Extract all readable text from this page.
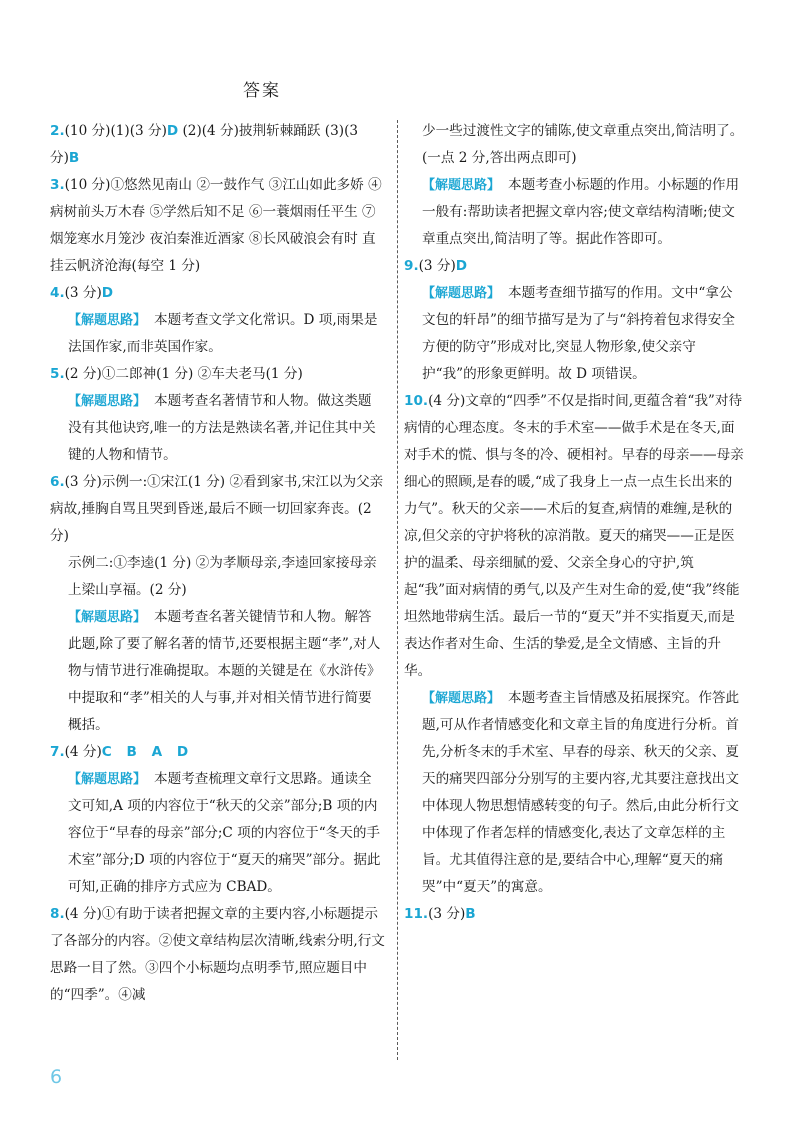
答案

2.(10 分)(1)(3 分)D (2)(4 分)披荆斩棘踊跃 (3)(3 分)B

3.(10 分)①悠然见南山 ②一鼓作气 ③江山如此多娇 ④病树前头万木春 ⑤学然后知不足 ⑥一蓑烟雨任平生 ⑦烟笼寒水月笼沙 夜泊秦淮近酒家 ⑧长风破浪会有时 直挂云帆济沧海(每空 1 分)

4.(3 分)D

【解题思路】 本题考查文学文化常识。D 项,雨果是法国作家,而非英国作家。

5.(2 分)①二郎神(1 分) ②车夫老马(1 分)

【解题思路】 本题考查名著情节和人物。做这类题没有其他诀窍,唯一的方法是熟读名著,并记住其中关键的人物和情节。

6.(3 分)示例一:①宋江(1 分) ②看到家书,宋江以为父亲病故,捶胸自骂且哭到昏迷,最后不顾一切回家奔丧。(2 分)

示例二:①李逵(1 分) ②为孝顺母亲,李逵回家接母亲上梁山享福。(2 分)

【解题思路】 本题考查名著关键情节和人物。解答此题,除了要了解名著的情节,还要根据主题“孝”,对人物与情节进行准确提取。本题的关键是在《水浒传》中提取和“孝”相关的人与事,并对相关情节进行简要概括。

7.(4 分)C B A D

【解题思路】 本题考查梳理文章行文思路。通读全文可知,A 项的内容位于“秋天的父亲”部分;B 项的内容位于“早春的母亲”部分;C 项的内容位于“冬天的手术室”部分;D 项的内容位于“夏天的痛哭”部分。据此可知,正确的排序方式应为 CBAD。

8.(4 分)①有助于读者把握文章的主要内容,小标题提示了各部分的内容。②使文章结构层次清晰,线索分明,行文思路一目了然。③四个小标题均点明季节,照应题目中的“四季”。④减

少一些过渡性文字的铺陈,使文章重点突出,简洁明了。(一点 2 分,答出两点即可)

【解题思路】 本题考查小标题的作用。小标题的作用一般有:帮助读者把握文章内容;使文章结构清晰;使文章重点突出,简洁明了等。据此作答即可。

9.(3 分)D

【解题思路】 本题考查细节描写的作用。文中“拿公文包的轩昂”的细节描写是为了与“斜挎着包求得安全方便的防守”形成对比,突显人物形象,使父亲守护“我”的形象更鲜明。故 D 项错误。

10.(4 分)文章的“四季”不仅是指时间,更蕴含着“我”对待病情的心理态度。冬末的手术室——做手术是在冬天,面对手术的慌、惧与冬的冷、硬相衬。早春的母亲——母亲细心的照顾,是春的暖,“成了我身上一点一点生长出来的力气”。秋天的父亲——术后的复查,病情的难缠,是秋的凉,但父亲的守护将秋的凉消散。夏天的痛哭——正是医护的温柔、母亲细腻的爱、父亲全身心的守护,筑起“我”面对病情的勇气,以及产生对生命的爱,使“我”终能坦然地带病生活。最后一节的“夏天”并不实指夏天,而是表达作者对生命、生活的挚爱,是全文情感、主旨的升华。

【解题思路】 本题考查主旨情感及拓展探究。作答此题,可从作者情感变化和文章主旨的角度进行分析。首先,分析冬末的手术室、早春的母亲、秋天的父亲、夏天的痛哭四部分分别写的主要内容,尤其要注意找出文中体现人物思想情感转变的句子。然后,由此分析行文中体现了作者怎样的情感变化,表达了文章怎样的主旨。尤其值得注意的是,要结合中心,理解“夏天的痛哭”中“夏天”的寓意。

11.(3 分)B

6
